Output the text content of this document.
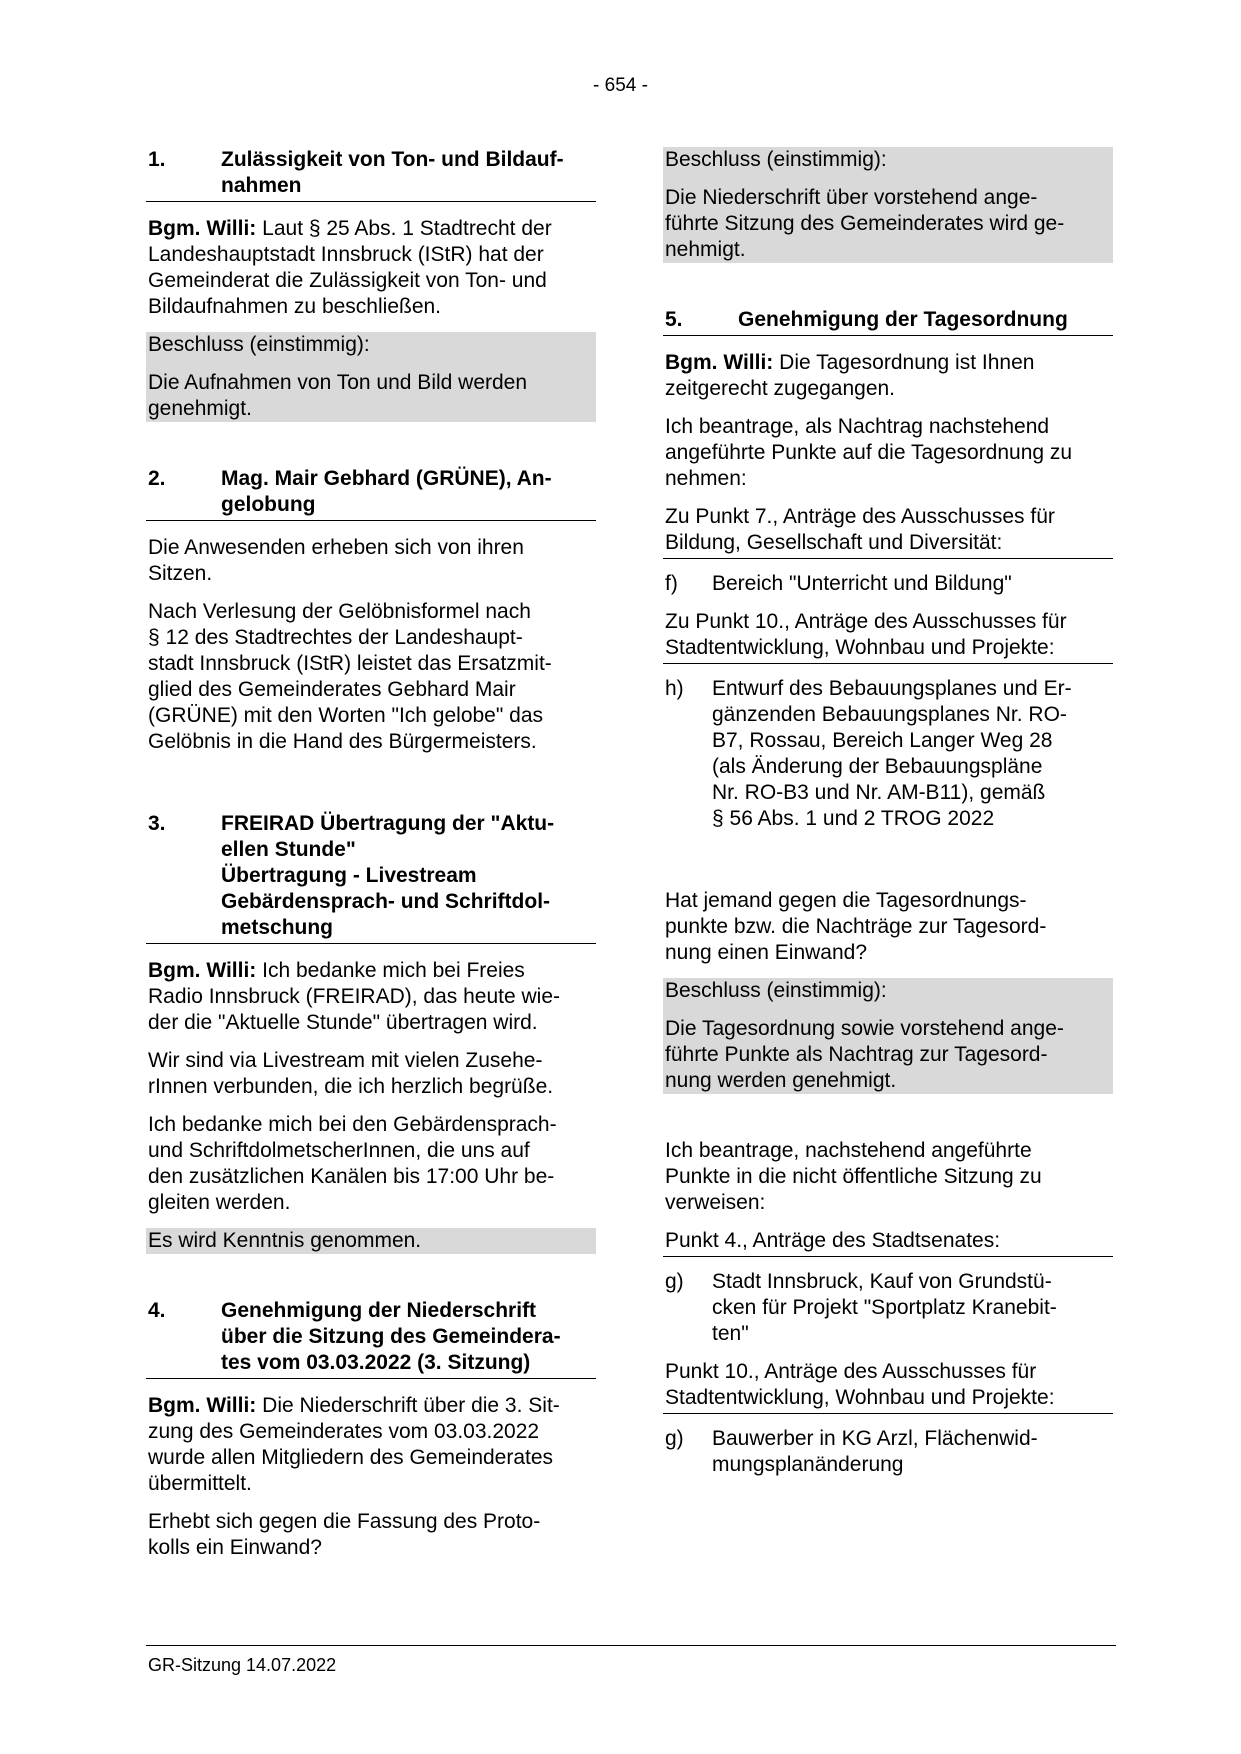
- 654 -
1.	Zulässigkeit von Ton- und Bildauf-
nahmen

Bgm. Willi: Laut § 25 Abs. 1 Stadtrecht der
Landeshauptstadt Innsbruck (IStR) hat der
Gemeinderat die Zulässigkeit von Ton- und
Bildaufnahmen zu beschließen.

Beschluss (einstimmig):

Die Aufnahmen von Ton und Bild werden
genehmigt.

2.	Mag. Mair Gebhard (GRÜNE), An-
gelobung

Die Anwesenden erheben sich von ihren
Sitzen.

Nach Verlesung der Gelöbnisformel nach
§ 12 des Stadtrechtes der Landeshaupt-
stadt Innsbruck (IStR) leistet das Ersatzmit-
glied des Gemeinderates Gebhard Mair
(GRÜNE) mit den Worten "Ich gelobe" das
Gelöbnis in die Hand des Bürgermeisters.

3.	FREIRAD Übertragung der "Aktu-
ellen Stunde"
Übertragung - Livestream
Gebärdensprach- und Schriftdol-
metschung

Bgm. Willi: Ich bedanke mich bei Freies
Radio Innsbruck (FREIRAD), das heute wie-
der die "Aktuelle Stunde" übertragen wird.

Wir sind via Livestream mit vielen Zusehe-
rInnen verbunden, die ich herzlich begrüße.

Ich bedanke mich bei den Gebärdensprach-
und SchriftdolmetscherInnen, die uns auf
den zusätzlichen Kanälen bis 17:00 Uhr be-
gleiten werden.

Es wird Kenntnis genommen.

4.	Genehmigung der Niederschrift
über die Sitzung des Gemeindera-
tes vom 03.03.2022 (3. Sitzung)

Bgm. Willi: Die Niederschrift über die 3. Sit-
zung des Gemeinderates vom 03.03.2022
wurde allen Mitgliedern des Gemeinderates
übermittelt.

Erhebt sich gegen die Fassung des Proto-
kolls ein Einwand?

Beschluss (einstimmig):

Die Niederschrift über vorstehend ange-
führte Sitzung des Gemeinderates wird ge-
nehmigt.

5.	Genehmigung der Tagesordnung

Bgm. Willi: Die Tagesordnung ist Ihnen
zeitgerecht zugegangen.

Ich beantrage, als Nachtrag nachstehend
angeführte Punkte auf die Tagesordnung zu
nehmen:

Zu Punkt 7., Anträge des Ausschusses für
Bildung, Gesellschaft und Diversität:

f)	Bereich "Unterricht und Bildung"

Zu Punkt 10., Anträge des Ausschusses für
Stadtentwicklung, Wohnbau und Projekte:

h)	Entwurf des Bebauungsplanes und Er-
gänzenden Bebauungsplanes Nr. RO-
B7, Rossau, Bereich Langer Weg 28
(als Änderung der Bebauungspläne
Nr. RO-B3 und Nr. AM-B11), gemäß
§ 56 Abs. 1 und 2 TROG 2022

Hat jemand gegen die Tagesordnungs-
punkte bzw. die Nachträge zur Tagesord-
nung einen Einwand?

Beschluss (einstimmig):

Die Tagesordnung sowie vorstehend ange-
führte Punkte als Nachtrag zur Tagesord-
nung werden genehmigt.

Ich beantrage, nachstehend angeführte
Punkte in die nicht öffentliche Sitzung zu
verweisen:

Punkt 4., Anträge des Stadtsenates:

g)	Stadt Innsbruck, Kauf von Grundstü-
cken für Projekt "Sportplatz Kranebit-
ten"

Punkt 10., Anträge des Ausschusses für
Stadtentwicklung, Wohnbau und Projekte:

g)	Bauwerber in KG Arzl, Flächenwid-
mungsplanänderung
GR-Sitzung 14.07.2022
